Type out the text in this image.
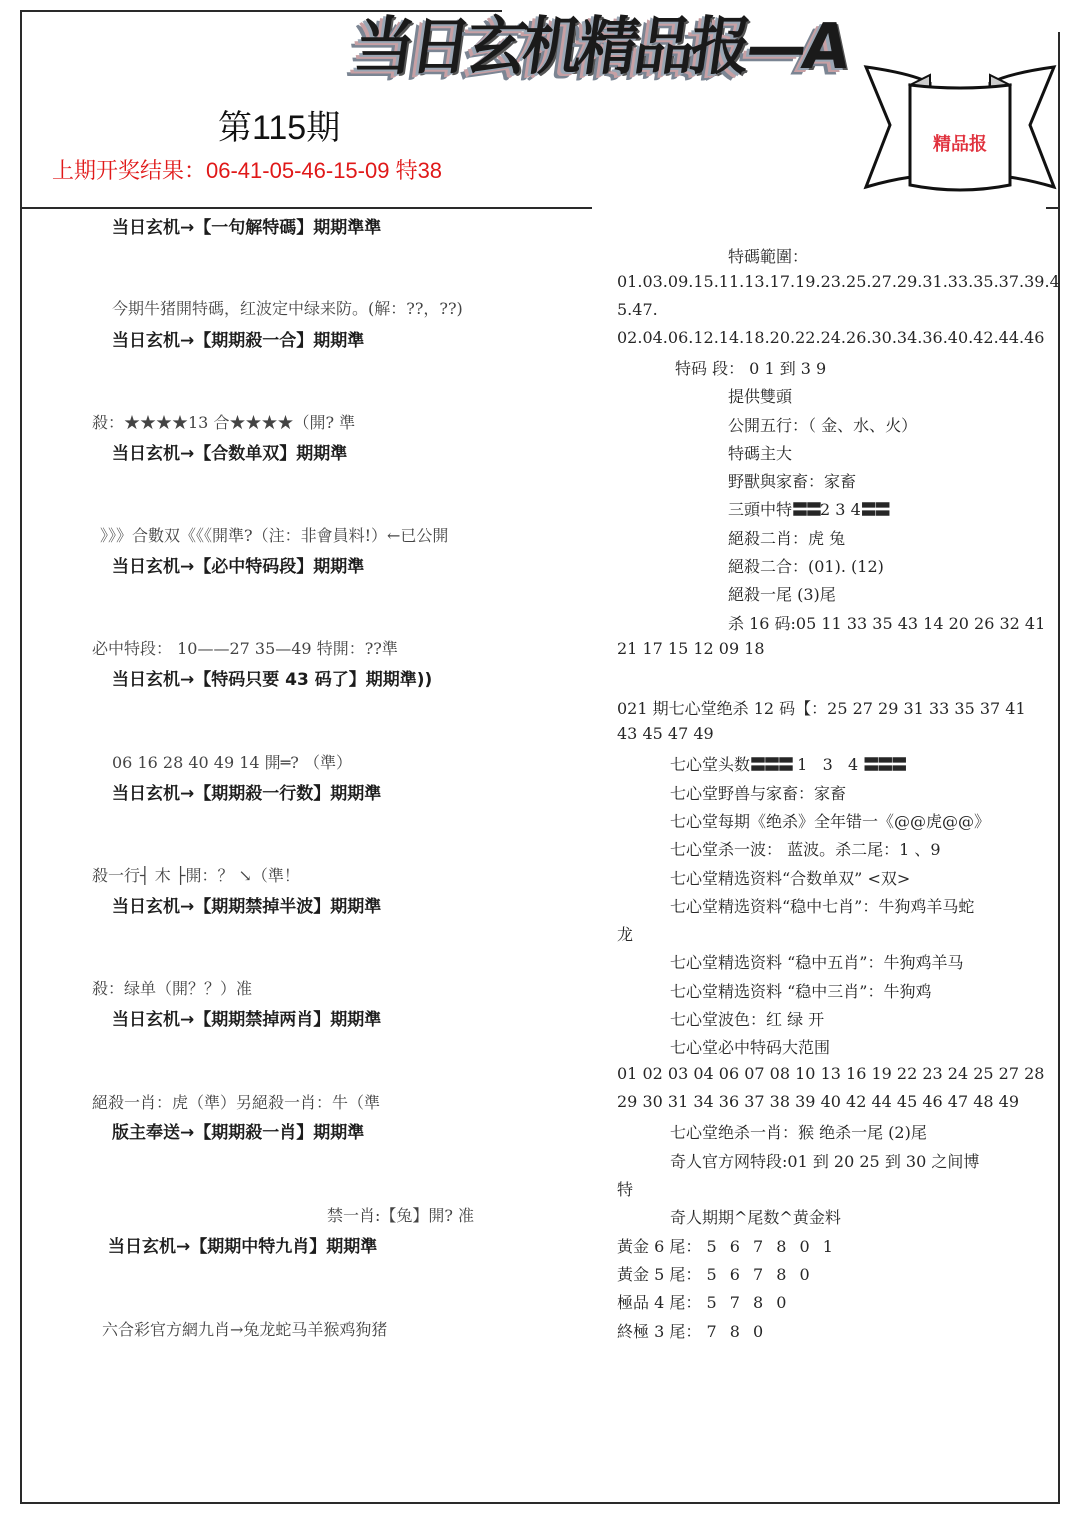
当日玄机精品报—A
第115期
上期开奖结果：06-41-05-46-15-09 特38
精品报
当日玄机→【一句解特碼】期期準準
今期牛猪開特碼，红波定中绿来防。(解：??，??)
当日玄机→【期期殺一合】期期準
殺：★★★★13 合★★★★（開? 準
当日玄机→【合数单双】期期準
》》》合數双《《《開準?（注：非會員料!）←已公開
当日玄机→【必中特码段】期期準
必中特段： 10——27 35—49 特開：??準
当日玄机→【特码只要 43 码了】期期準))
06 16 28 40 49 14 開═? （準）
当日玄机→【期期殺一行数】期期準
殺一行┤ 木 ├開：？ ↘（準！
当日玄机→【期期禁掉半波】期期準
殺：绿单（開？？）准
当日玄机→【期期禁掉两肖】期期準
絕殺一肖：虎（準）另絕殺一肖：牛（準
版主奉送→【期期殺一肖】期期準
禁一肖:【兔】開? 准
当日玄机→【期期中特九肖】期期準
六合彩官方網九肖→兔龙蛇马羊猴鸡狗猪
特碼範圍：
01.03.09.15.11.13.17.19.23.25.27.29.31.33.35.37.39.4
5.47.
02.04.06.12.14.18.20.22.24.26.30.34.36.40.42.44.46
特码 段： 0 1 到 3 9
提供雙頭
公開五行：（ 金、水、火）
特碼主大
野獸與家畜：家畜
三頭中特〓〓2 3 4〓〓
絕殺二肖：虎 兔
絕殺二合：(01). (12)
絕殺一尾 (3)尾
杀 16 码:05 11 33 35 43 14 20 26 32 41
21 17 15 12 09 18
021 期七心堂绝杀 12 码【：25 27 29 31 33 35 37 41
43 45 47 49
七心堂头数〓〓〓 1   3   4 〓〓〓
七心堂野兽与家畜：家畜
七心堂每期《绝杀》全年错一《@@虎@@》
七心堂杀一波： 蓝波。杀二尾：1 、9
七心堂精选资料“合数单双” <双>
七心堂精选资料“稳中七肖”：牛狗鸡羊马蛇
龙
七心堂精选资料 “稳中五肖”：牛狗鸡羊马
七心堂精选资料 “稳中三肖”：牛狗鸡
七心堂波色：红 绿 开
七心堂必中特码大范围
01 02 03 04 06 07 08 10 13 16 19 22 23 24 25 27 28
29 30 31 34 36 37 38 39 40 42 44 45 46 47 48 49
七心堂绝杀一肖：猴 绝杀一尾 (2)尾
奇人官方网特段:01 到 20 25 到 30 之间博
特
奇人期期^尾数^黄金料
黃金 6 尾： 5 6 7 8 0 1
黃金 5 尾： 5 6 7 8 0
極品 4 尾： 5 7 8 0
終極 3 尾： 7 8 0
